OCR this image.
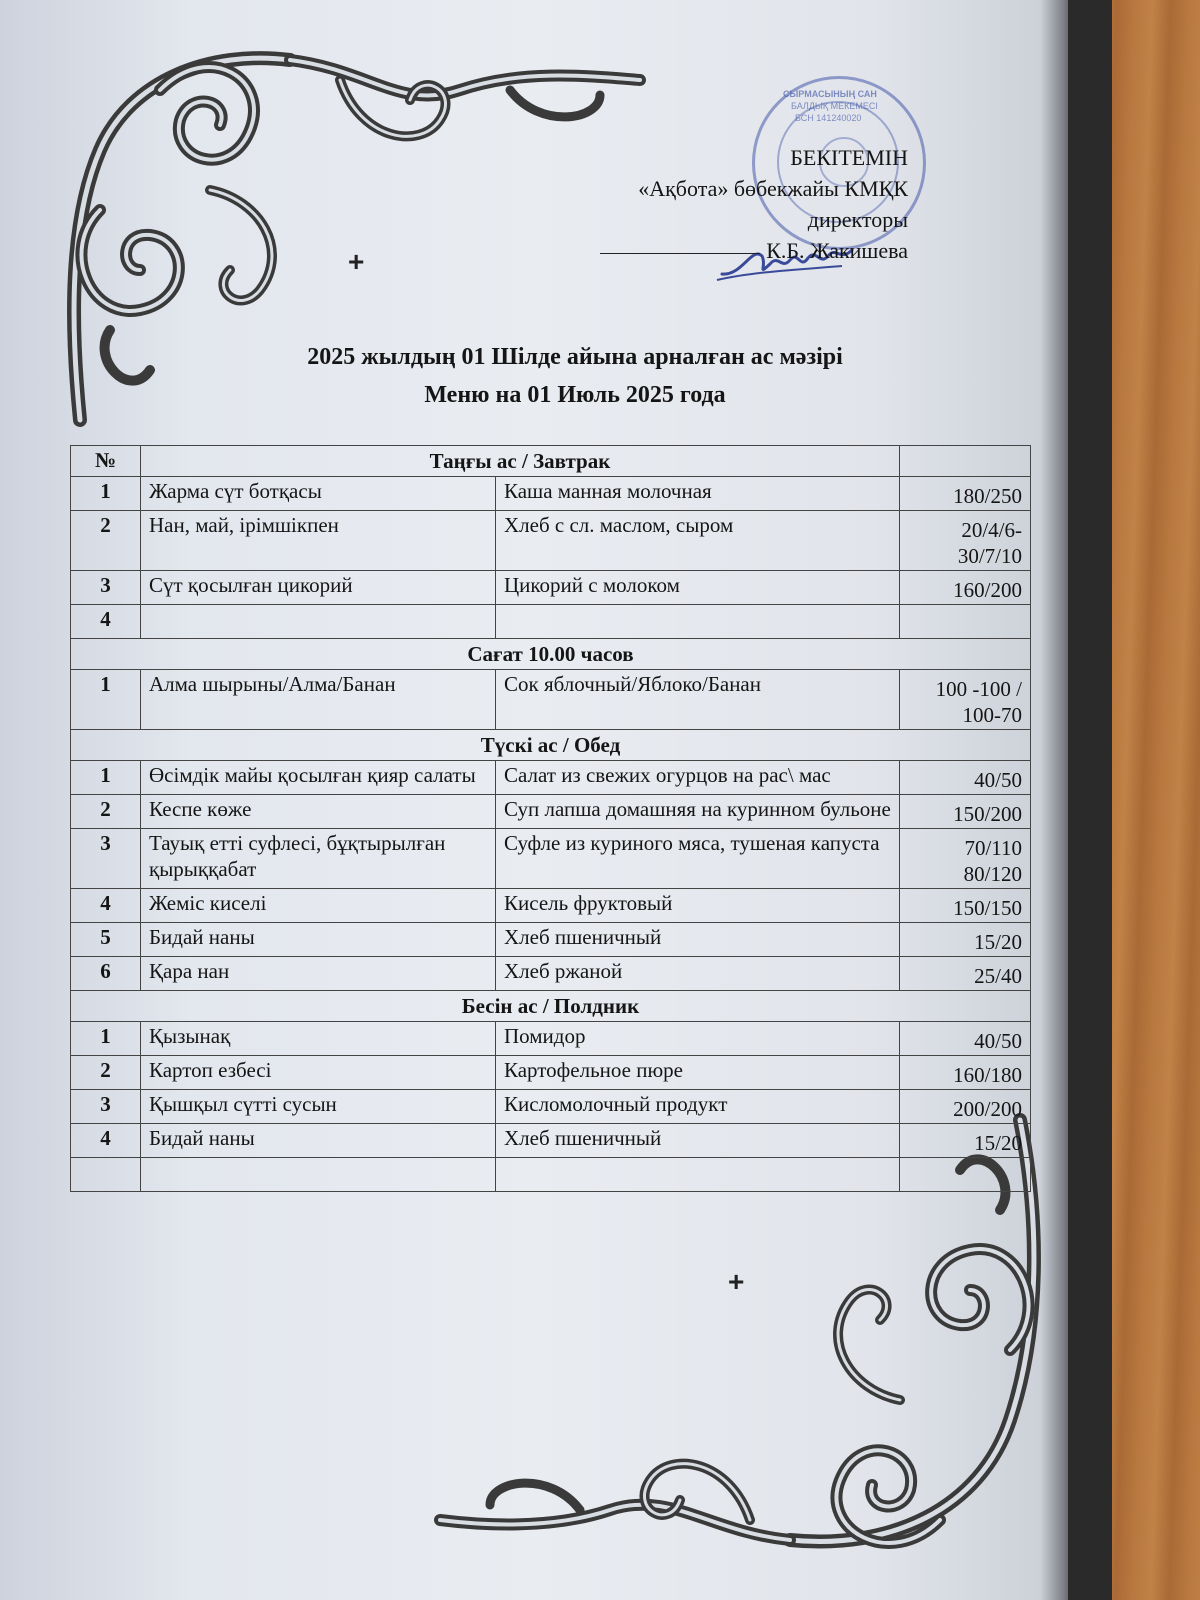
СЫРМАСЫНЫҢ САН
БАЛДЫҚ МЕКЕМЕСІ
БСН 141240020
БЕКІТЕМІН
«Ақбота» бөбекжайы КМҚК
директоры
К.Б. Жакишева
+
+
2025 жылдың 01 Шілде айына арналған ас мәзірі
Меню на 01 Июль 2025 года
№	Таңғы ас / Завтрак		
1	Жарма сүт ботқасы	Каша манная молочная	180/250
2	Нан, май, ірімшікпен	Хлеб с сл. маслом, сыром	20/4/6-30/7/10
3	Сүт қосылған цикорий	Цикорий с молоком	160/200
4			
Сағат 10.00 часов			
1	Алма шырыны/Алма/Банан	Сок яблочный/Яблоко/Банан	100 -100 / 100-70
Түскі ас / Обед			
1	Өсімдік майы қосылған қияр салаты	Салат из свежих огурцов на рас\ мас	40/50
2	Кеспе көже	Суп лапша домашняя на куринном бульоне	150/200
3	Тауық етті суфлесі, бұқтырылған қырыққабат	Суфле из куриного мяса, тушеная капуста	70/110 80/120
4	Жеміс киселі	Кисель фруктовый	150/150
5	Бидай наны	Хлеб пшеничный	15/20
6	Қара нан	Хлеб ржаной	25/40
Бесін ас / Полдник			
1	Қызынақ	Помидор	40/50
2	Картоп езбесі	Картофельное пюре	160/180
3	Қышқыл сүтті сусын	Кисломолочный продукт	200/200
4	Бидай наны	Хлеб пшеничный	15/20
